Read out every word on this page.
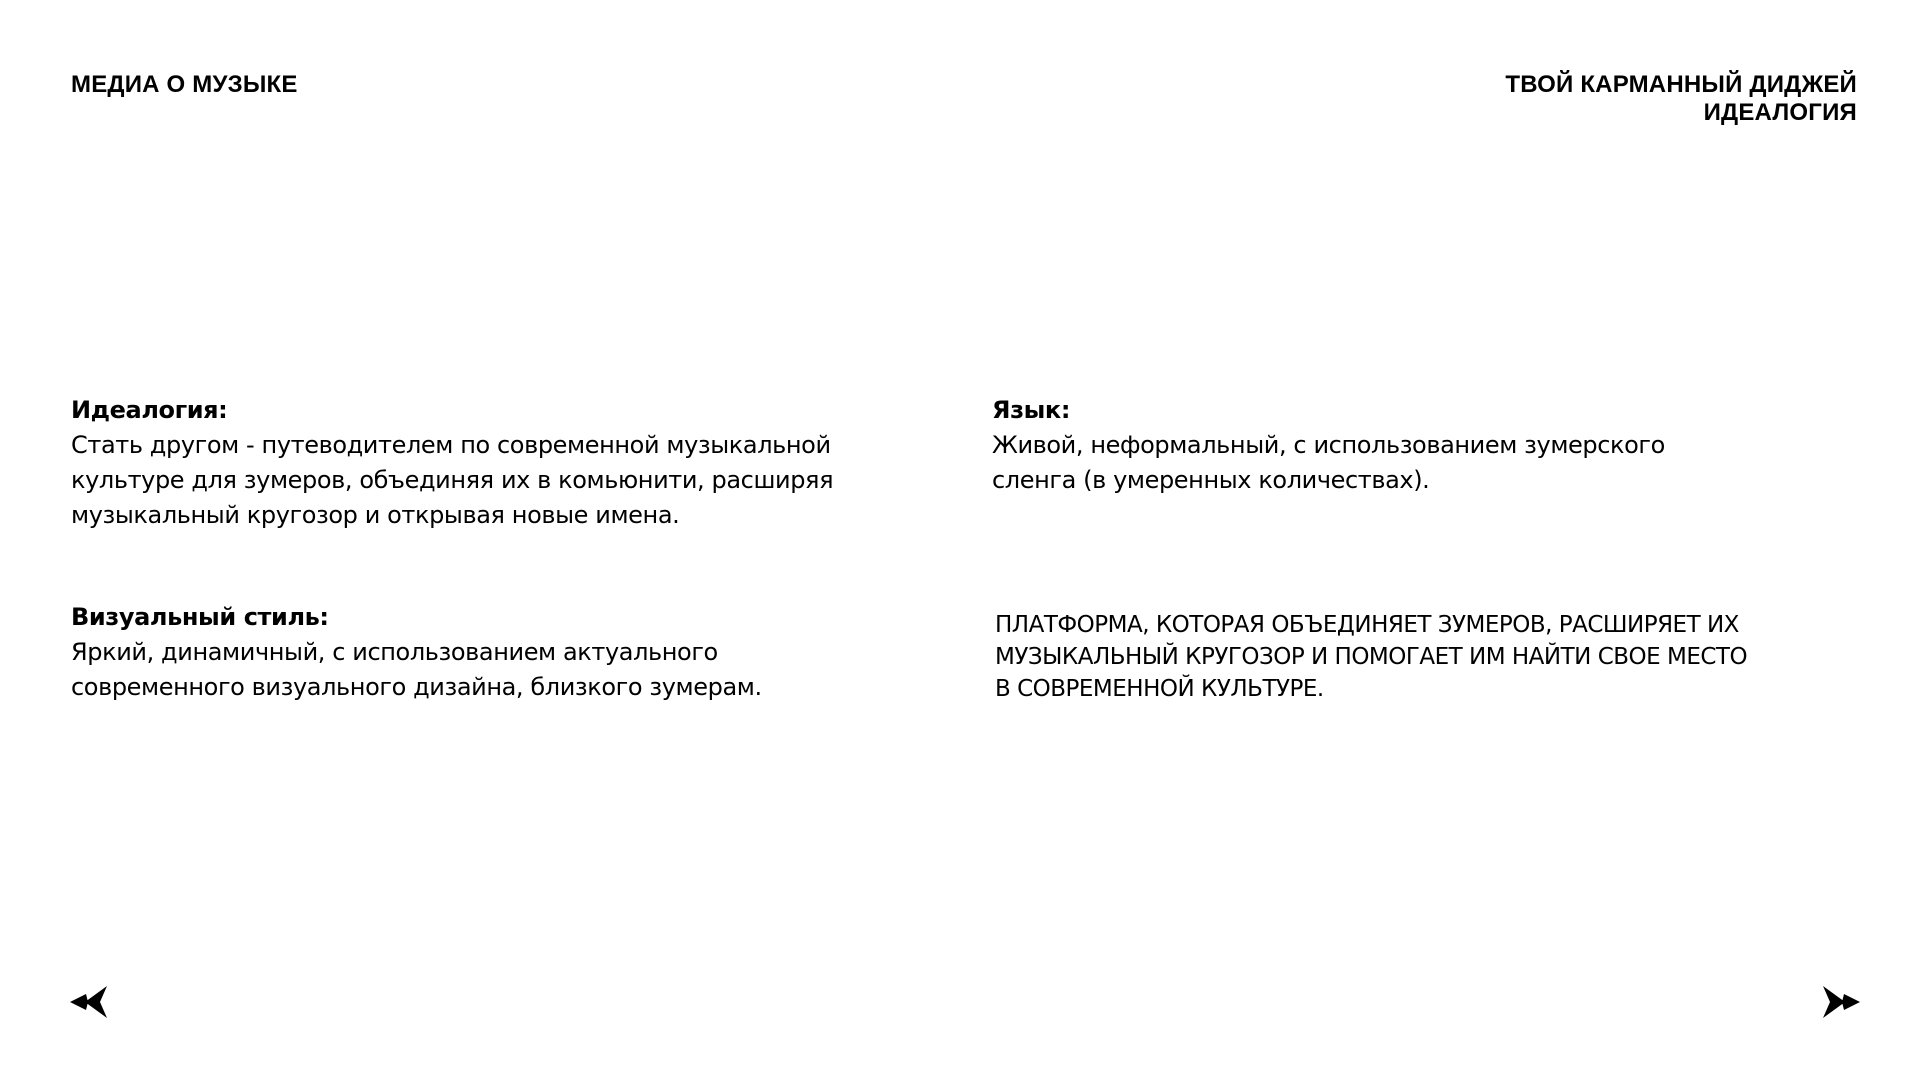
МЕДИА О МУЗЫКЕ	ТВОЙ КАРМАННЫЙ ДИДЖЕЙ
ИДЕАЛОГИЯ
Идеалогия:
Стать другом - путеводителем по современной музыкальной
культуре для зумеров, объединяя их в комьюнити, расширяя
музыкальный кругозор и открывая новые имена.
Язык:
Живой, неформальный, с использованием зумерского
сленга (в умеренных количествах).
Визуальный стиль:
Яркий, динамичный, с использованием актуального
современного визуального дизайна, близкого зумерам.
ПЛАТФОРМА, КОТОРАЯ ОБЪЕДИНЯЕТ ЗУМЕРОВ, РАСШИРЯЕТ ИХ
МУЗЫКАЛЬНЫЙ КРУГОЗОР И ПОМОГАЕТ ИМ НАЙТИ СВОЕ МЕСТО
В СОВРЕМЕННОЙ КУЛЬТУРЕ.
